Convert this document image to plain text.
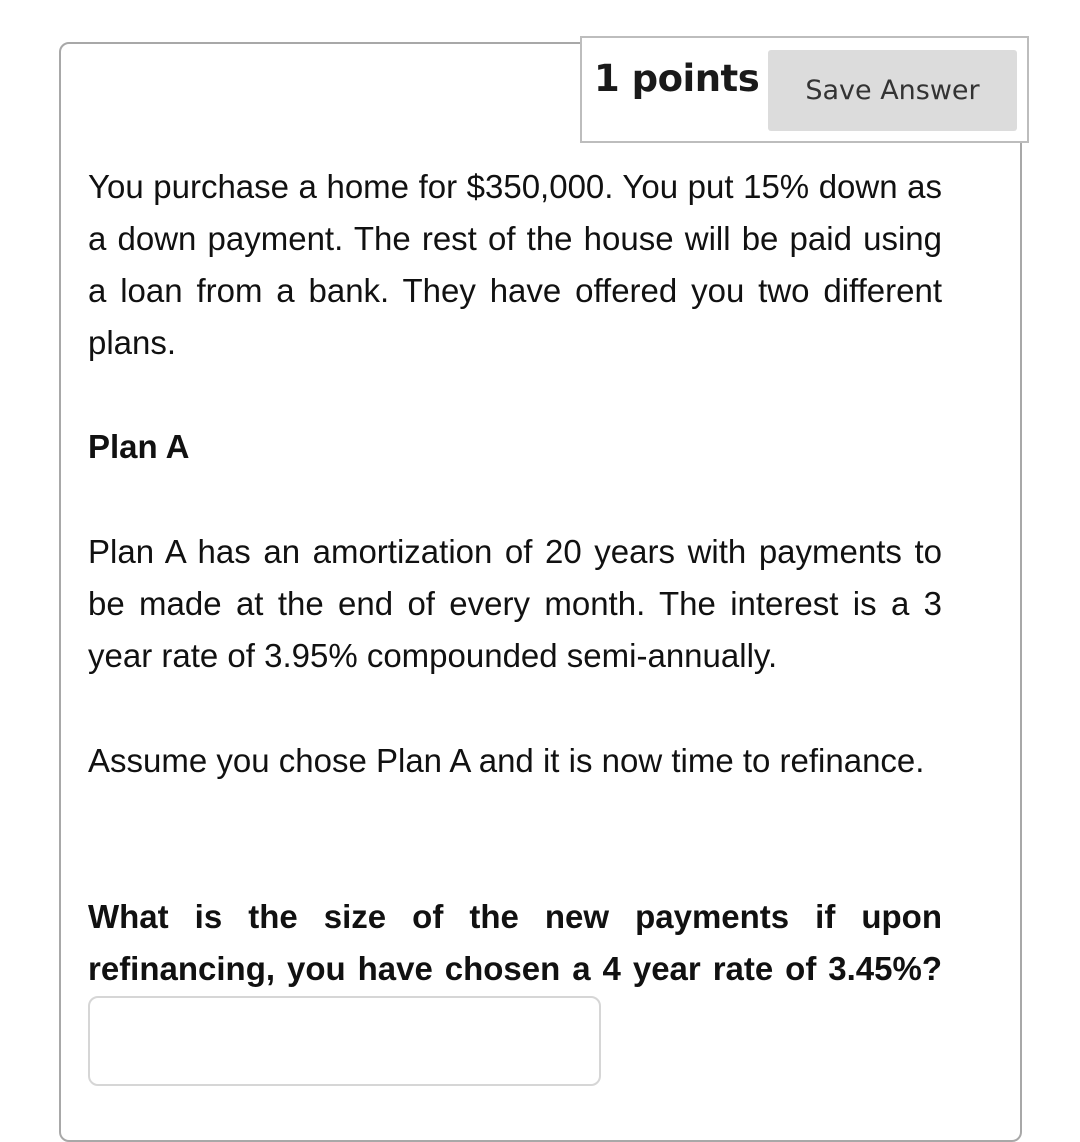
1 points	Save Answer

You purchase a home for $350,000. You put 15% down as a down payment. The rest of the house will be paid using a loan from a bank. They have offered you two different plans.

Plan A

Plan A has an amortization of 20 years with payments to be made at the end of every month. The interest is a 3 year rate of 3.95% compounded semi-annually.

Assume you chose Plan A and it is now time to refinance.

What is the size of the new payments if upon refinancing, you have chosen a 4 year rate of 3.45%?
